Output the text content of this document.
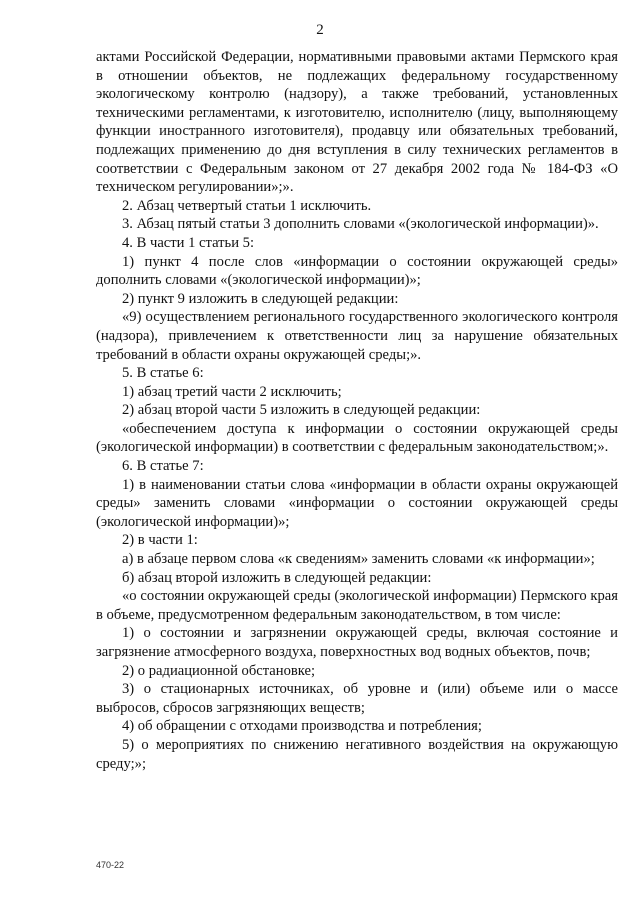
2

актами Российской Федерации, нормативными правовыми актами Пермского края в отношении объектов, не подлежащих федеральному государственному экологическому контролю (надзору), а также требований, установленных техническими регламентами, к изготовителю, исполнителю (лицу, выполняющему функции иностранного изготовителя), продавцу или обязательных требований, подлежащих применению до дня вступления в силу технических регламентов в соответствии с Федеральным законом от 27 декабря 2002 года № 184-ФЗ «О техническом регулировании»;».

2. Абзац четвертый статьи 1 исключить.

3. Абзац пятый статьи 3 дополнить словами «(экологической информации)».

4. В части 1 статьи 5:

1) пункт 4 после слов «информации о состоянии окружающей среды» дополнить словами «(экологической информации)»;

2) пункт 9 изложить в следующей редакции:

«9) осуществлением регионального государственного экологического контроля (надзора), привлечением к ответственности лиц за нарушение обязательных требований в области охраны окружающей среды;».

5. В статье 6:

1) абзац третий части 2 исключить;

2) абзац второй части 5 изложить в следующей редакции:

«обеспечением доступа к информации о состоянии окружающей среды (экологической информации) в соответствии с федеральным законодательством;».

6. В статье 7:

1) в наименовании статьи слова «информации в области охраны окружающей среды» заменить словами «информации о состоянии окружающей среды (экологической информации)»;

2) в части 1:

а) в абзаце первом слова «к сведениям» заменить словами «к информации»;

б) абзац второй изложить в следующей редакции:

«о состоянии окружающей среды (экологической информации) Пермского края в объеме, предусмотренном федеральным законодательством, в том числе:

1) о состоянии и загрязнении окружающей среды, включая состояние и загрязнение атмосферного воздуха, поверхностных вод водных объектов, почв;

2) о радиационной обстановке;

3) о стационарных источниках, об уровне и (или) объеме или о массе выбросов, сбросов загрязняющих веществ;

4) об обращении с отходами производства и потребления;

5) о мероприятиях по снижению негативного воздействия на окружающую среду;»;

470-22
